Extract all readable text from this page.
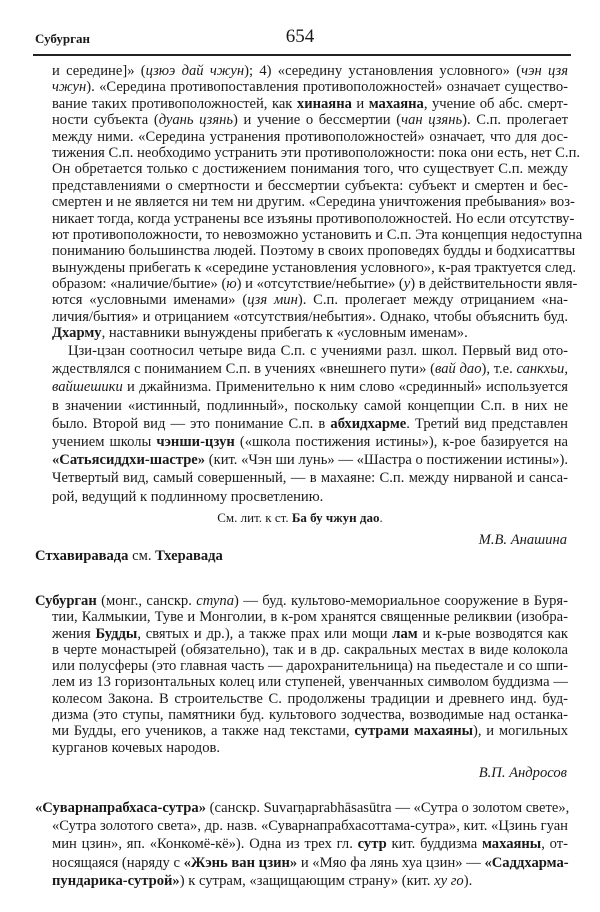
Субурган	654
и середине]» (цзюэ дай чжун); 4) «середину установления условного» (чэн цзя
чжун). «Середина противопоставления противоположностей» означает существо-
вание таких противоположностей, как хинаяна и махаяна, учение об абс. смерт-
ности субъекта (дуань цзянь) и учение о бессмертии (чан цзянь). С.п. пролегает
между ними. «Середина устранения противоположностей» означает, что для дос-
тижения С.п. необходимо устранить эти противоположности: пока они есть, нет С.п.
Он обретается только с достижением понимания того, что существует С.п. между
представлениями о смертности и бессмертии субъекта: субъект и смертен и бес-
смертен и не является ни тем ни другим. «Середина уничтожения пребывания» воз-
никает тогда, когда устранены все изъяны противоположностей. Но если отсутству-
ют противоположности, то невозможно установить и С.п. Эта концепция недоступна
пониманию большинства людей. Поэтому в своих проповедях будды и бодхисаттвы
вынуждены прибегать к «середине установления условного», к-рая трактуется след.
образом: «наличие/бытие» (ю) и «отсутствие/небытие» (у) в действительности явля-
ются «условными именами» (цзя мин). С.п. пролегает между отрицанием «на-
личия/бытия» и отрицанием «отсутствия/небытия». Однако, чтобы объяснить буд.
Дхарму, наставники вынуждены прибегать к «условным именам».
Цзи-цзан соотносил четыре вида С.п. с учениями разл. школ. Первый вид ото-
ждествлялся с пониманием С.п. в учениях «внешнего пути» (вай дао), т.е. санкхьи,
вайшешики и джайнизма. Применительно к ним слово «срединный» используется
в значении «истинный, подлинный», поскольку самой концепции С.п. в них не
было. Второй вид — это понимание С.п. в абхидхарме. Третий вид представлен
учением школы чэнши-цзун («школа постижения истины»), к-рое базируется на
«Сатьясиддхи-шастре» (кит. «Чэн ши лунь» — «Шастра о постижении истины»).
Четвертый вид, самый совершенный, — в махаяне: С.п. между нирваной и санса-
рой, ведущий к подлинному просветлению.
См. лит. к ст. Ба бу чжун дао.
М.В. Анашина
Стхавиравада см. Тхеравада
Субурган (монг., санскр. ступа) — буд. культово-мемориальное сооружение в Буря-
тии, Калмыкии, Туве и Монголии, в к-ром хранятся священные реликвии (изобра-
жения Будды, святых и др.), а также прах или мощи лам и к-рые возводятся как
в черте монастырей (обязательно), так и в др. сакральных местах в виде колокола
или полусферы (это главная часть — дарохранительница) на пьедестале и со шпи-
лем из 13 горизонтальных колец или ступеней, увенчанных символом буддизма —
колесом Закона. В строительстве С. продолжены традиции и древнего инд. буд-
дизма (это ступы, памятники буд. культового зодчества, возводимые над останка-
ми Будды, его учеников, а также над текстами, сутрами махаяны), и могильных
курганов кочевых народов.
В.П. Андросов
«Суварнапрабхаса-сутра» (санскр. Suvarṇaprabhāsasūtra — «Сутра о золотом свете»,
«Сутра золотого света», др. назв. «Суварнапрабхасоттама-сутра», кит. «Цзинь гуан
мин цзин», яп. «Конкомё-кё»). Одна из трех гл. сутр кит. буддизма махаяны, от-
носящаяся (наряду с «Жэнь ван цзин» и «Мяо фа лянь хуа цзин» — «Саддхарма-
пундарика-сутрой») к сутрам, «защищающим страну» (кит. ху го).
